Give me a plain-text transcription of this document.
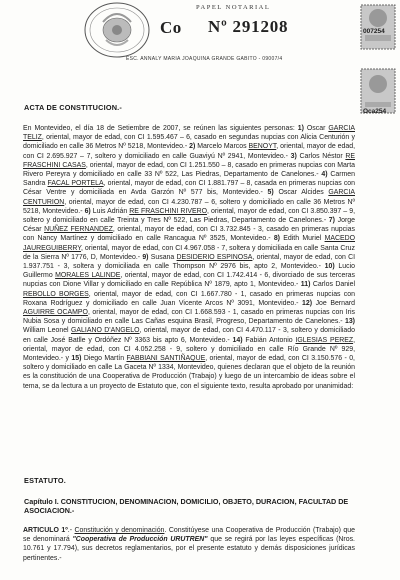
PAPEL NOTARIAL
Co Nº 291208
ESC. ANNALY MARIA JOAQUINA GRANDE GABITO - 09007/4
007254
Oca254
ACTA DE CONSTITUCION.-
En Montevideo, el día 18 de Setiembre de 2007, se reúnen las siguientes personas: 1) Oscar GARCIA TELIZ, oriental, mayor de edad, con CI 1.595.467 – 6, casado en segundas nupcias con Alicia Centurión y domiciliado en calle 36 Metros Nº 5218, Montevideo.- 2) Marcelo Marcos BENOYT, oriental, mayor de edad, con CI 2.695.927 – 7, soltero y domiciliado en calle Guaviyú Nº 2941, Montevideo.- 3) Carlos Néstor RE FRASCHINI CASAS, oriental, mayor de edad, con CI 1.251.550 – 8, casado en primeras nupcias con Marta Rivero Pereyra y domiciliado en calle 33 Nº 522, Las Piedras, Departamento de Canelones.- 4) Carmen Sandra FACAL PORTELA, oriental, mayor de edad, con CI 1.881.797 – 8, casada en primeras nupcias con César Ventre y domiciliada en Avda Garzón Nº 577 bis, Montevideo.- 5) Oscar Alcides GARCIA CENTURION, oriental, mayor de edad, con CI 4.230.787 – 6, soltero y domiciliado en calle 36 Metros Nº 5218, Montevideo.- 6) Luis Adrián RE FRASCHINI RIVERO, oriental, mayor de edad, con CI 3.850.397 – 9, soltero y domiciliado en calle Treinta y Tres Nº 522, Las Piedras, Departamento de Canelones.- 7) Jorge César NUÑEZ FERNANDEZ, oriental, mayor de edad, con CI 3.732.845 - 3, casado en primeras nupcias con Nancy Martínez y domiciliado en calle Rancagua Nº 3525, Montevideo.- 8) Edith Muriel MACEDO JAUREGUIBERRY, oriental, mayor de edad, con CI 4.967.058 - 7, soltera y domiciliada en calle Santa Cruz de la Sierra Nº 1776, D, Montevideo.- 9) Susana DESIDERIO ESPINOSA, oriental, mayor de edad, con CI 1.937.751 - 3, soltera y domiciliada en calle Thompson Nº 2976 bis, apto 2, Montevideo.- 10) Lucio Guillermo MORALES LALINDE, oriental, mayor de edad, con CI 1.742.414 - 6, divorciado de sus terceras nupcias con Dione Villar y domiciliado en calle República Nº 1879, apto 1, Montevideo.- 11) Carlos Daniel REBOLLO BORGES, oriental, mayor de edad, con CI 1.667.780 - 1, casado en primeras nupcias con Roxana Rodríguez y domiciliado en calle Juan Vicente Arcos Nº 3091, Montevideo.- 12) Joe Bernard AGUIRRE OCAMPO, oriental, mayor de edad, con CI 1.668.593 - 1, casado en primeras nupcias con Iris Nubia Sosa y domiciliado en calle Las Cañas esquina Brasil, Progreso, Departamento de Canelones.- 13) William Leonel GALIANO D'ANGELO, oriental, mayor de edad, con CI 4.470.117 - 3, soltero y domiciliado en calle José Batlle y Ordóñez Nº 3363 bis apto 6, Montevideo.- 14) Fabián Antonio IGLESIAS PEREZ, oriental, mayor de edad, con CI 4.052.258 - 9, soltero y domiciliado en calle Río Grande Nº 929, Montevideo.- y 15) Diego Martín FABBIANI SANTIÑAQUE, oriental, mayor de edad, con CI 3.150.576 - 0, soltero y domiciliado en calle La Gaceta Nº 1334, Montevideo, quienes declaran que el objeto de la reunión es la constitución de una Cooperativa de Producción (Trabajo) y luego de un intercambio de ideas sobre el tema, se da lectura a un proyecto de Estatuto que, con el siguiente texto, resulta aprobado por unanimidad:
ESTATUTO.
Capítulo I. CONSTITUCION, DENOMINACION, DOMICILIO, OBJETO, DURACION, FACULTAD DE ASOCIACION.-
ARTICULO 1º.- Constitución y denominación. Constitúyese una Cooperativa de Producción (Trabajo) que se denominará "Cooperativa de Producción URUTREN" que se regirá por las leyes específicas (Nros. 10.761 y 17.794), sus decretos reglamentarios, por el presente estatuto y demás disposiciones jurídicas pertinentes.-
